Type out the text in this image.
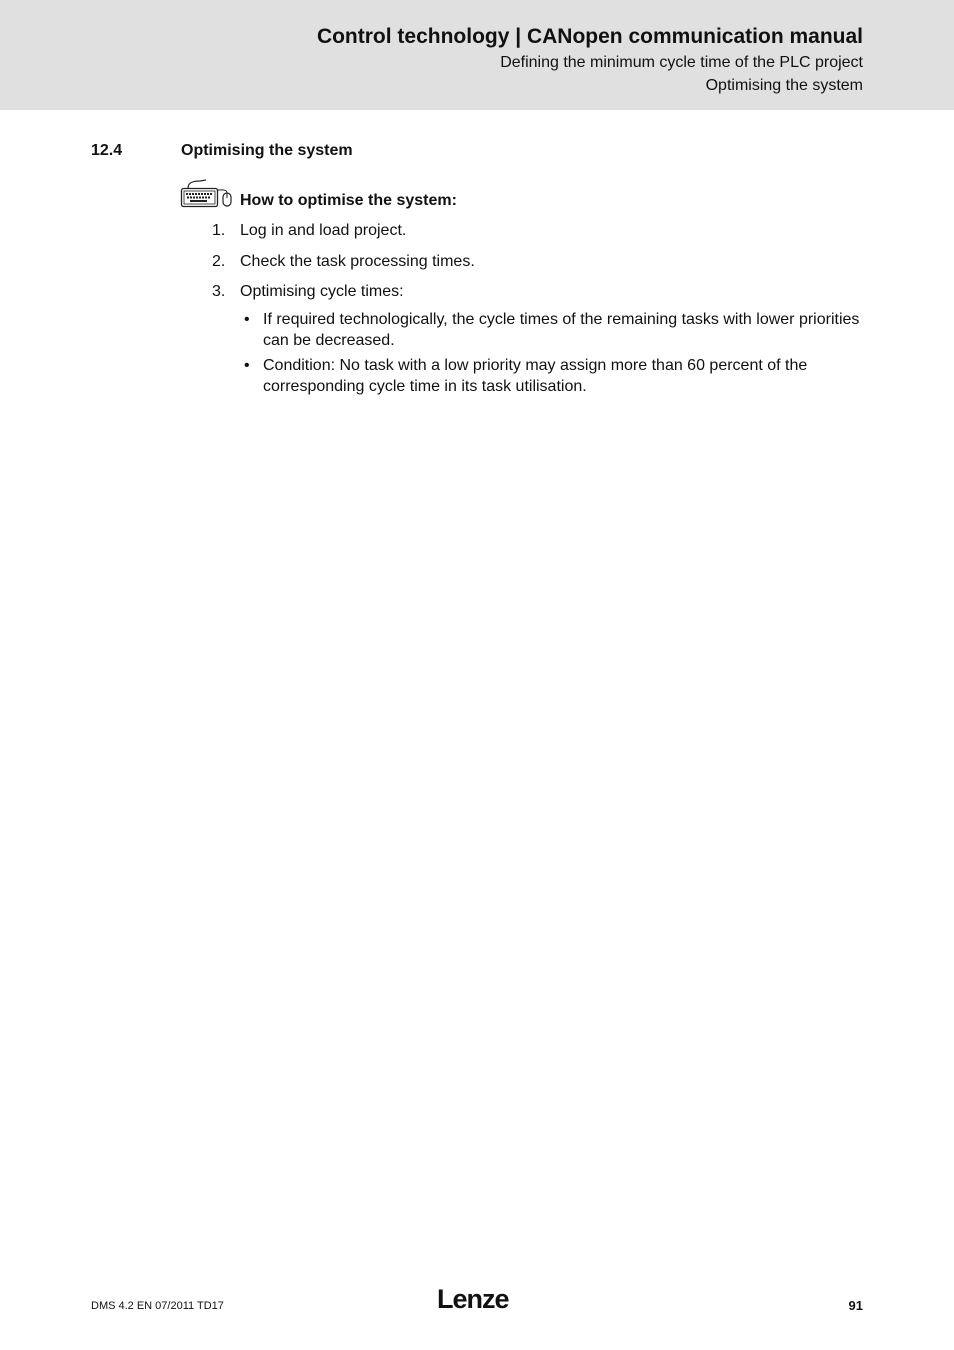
Control technology | CANopen communication manual
Defining the minimum cycle time of the PLC project
Optimising the system
12.4	Optimising the system
How to optimise the system:
1. Log in and load project.
2. Check the task processing times.
3. Optimising cycle times:
• If required technologically, the cycle times of the remaining tasks with lower priorities can be decreased.
• Condition: No task with a low priority may assign more than 60 percent of the corresponding cycle time in its task utilisation.
DMS 4.2 EN 07/2011 TD17	Lenze	91
